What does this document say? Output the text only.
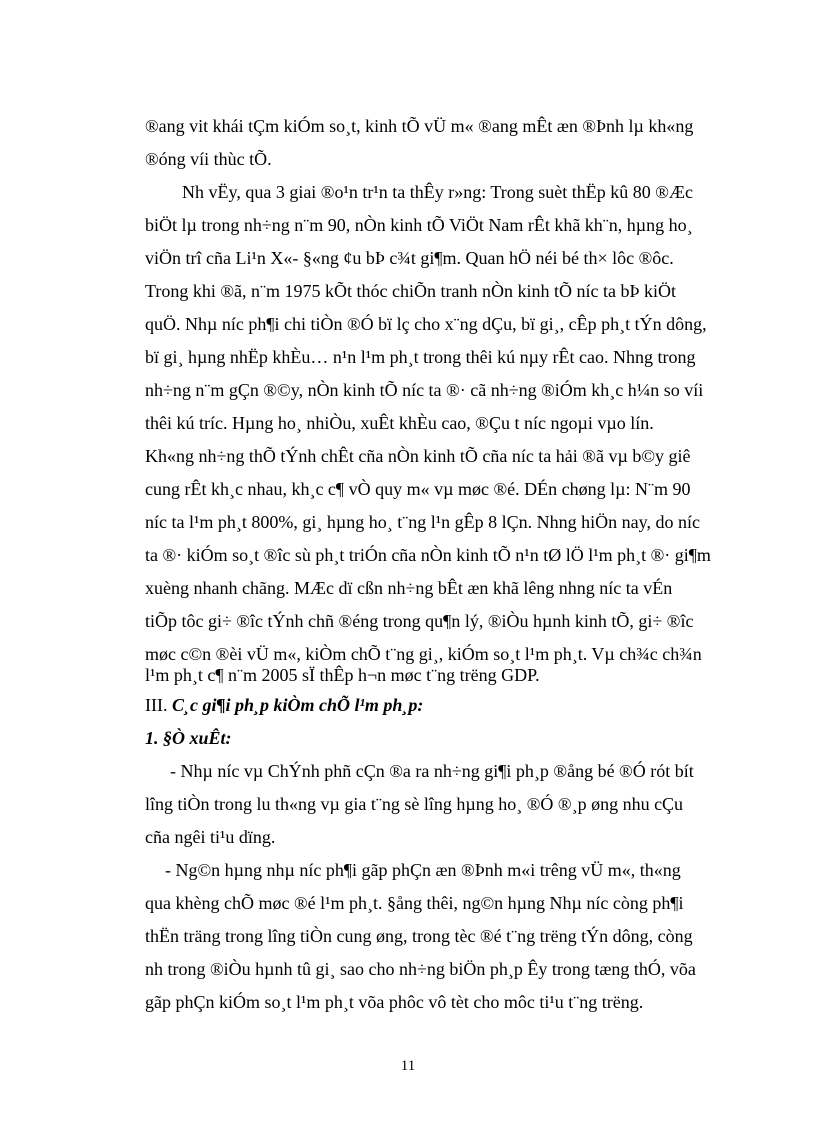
®ang vit khái tÇm kiÓm so¸t, kinh tÕ vÜ m« ®ang mÊt æn ®Þnh lµ kh«ng
®óng víi thùc tÕ.
Nh vËy, qua 3 giai ®o¹n tr¹n ta thÊy r»ng: Trong suèt thËp kû 80 ®Æc
biÖt lµ trong nh÷ng n¨m 90, nÒn kinh tÕ ViÖt Nam rÊt khã kh¨n, hµng ho¸
viÖn trî cña Li¹n X«- §«ng ¢u bÞ c¾t gi¶m. Quan hÖ néi bé th× lôc ®ôc.
Trong khi ®ã, n¨m 1975 kÕt thóc chiÕn tranh nÒn kinh tÕ níc ta bÞ kiÖt
quÖ. Nhµ níc ph¶i chi tiÒn ®Ó bï lç cho x¨ng dÇu, bï gi¸, cÊp ph¸t tÝn dông,
bï gi¸ hµng nhËp khÈu… n¹n l¹m ph¸t trong thêi kú nµy rÊt cao. Nhng trong
nh÷ng n¨m gÇn ®©y, nÒn kinh tÕ níc ta ®· cã nh÷ng ®iÓm kh¸c h¼n so víi
thêi kú tríc. Hµng ho¸ nhiÒu, xuÊt khÈu cao, ®Çu t níc ngoµi vµo lín.
Kh«ng nh÷ng thÕ tÝnh chÊt cña nÒn kinh tÕ cña níc ta hải ®ã vµ b©y giê
cung rÊt kh¸c nhau, kh¸c c¶ vÒ quy m« vµ møc ®é. DÉn chøng lµ: N¨m 90
níc ta l¹m ph¸t 800%, gi¸ hµng ho¸ t¨ng l¹n gÊp 8 lÇn. Nhng hiÖn nay, do níc
ta ®· kiÓm so¸t ®îc sù ph¸t triÓn cña nÒn kinh tÕ n¹n tØ lÖ l¹m ph¸t ®· gi¶m
xuèng nhanh chãng. MÆc dï cßn nh÷ng bÊt æn khã lêng nhng níc ta vÉn
tiÕp tôc gi÷ ®îc tÝnh chñ ®éng trong qu¶n lý, ®iÒu hµnh kinh tÕ, gi÷ ®îc
møc c©n ®èi vÜ m«, kiÒm chÕ t¨ng gi¸, kiÓm so¸t l¹m ph¸t. Vµ ch¾c ch¾n
l¹m ph¸t c¶ n¨m 2005 sÏ thÊp h¬n møc t¨ng trëng GDP.
III. C¸c gi¶i ph¸p kiÒm chÕ l¹m ph¸p:
1. §Ò xuÊt:
- Nhµ níc vµ ChÝnh phñ cÇn ®a ra nh÷ng gi¶i ph¸p ®ång bé ®Ó rót bít
lîng tiÒn trong lu th«ng vµ gia t¨ng sè lîng hµng ho¸ ®Ó ®¸p øng nhu cÇu
cña ngêi ti¹u dïng.
- Ng©n hµng nhµ níc ph¶i gãp phÇn æn ®Þnh m«i trêng vÜ m«, th«ng
qua khèng chÕ møc ®é l¹m ph¸t. §ång thêi, ng©n hµng Nhµ níc còng ph¶i
thËn träng trong lîng tiÒn cung øng, trong tèc ®é t¨ng trëng tÝn dông, còng
nh trong ®iÒu hµnh tû gi¸ sao cho nh÷ng biÖn ph¸p Êy trong tæng thÓ, võa
gãp phÇn kiÓm so¸t l¹m ph¸t võa phôc vô tèt cho môc ti¹u t¨ng trëng.
11
